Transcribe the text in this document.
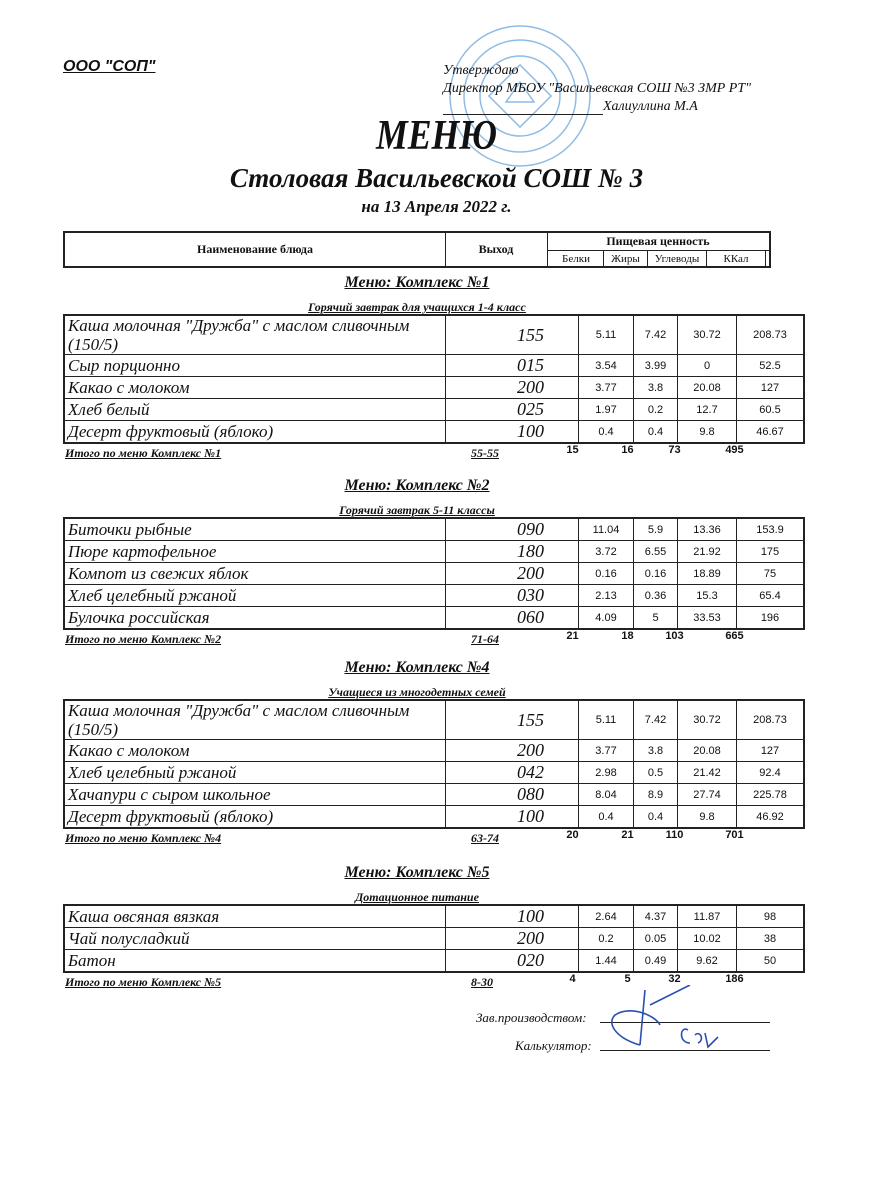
ООО "СОП"	Утверждаю
Директор МБОУ "Васильевская СОШ №3 ЗМР РТ"
Халиуллина М.А
МЕНЮ
Столовая Васильевской СОШ № 3
на 13 Апреля 2022 г.
Наименование блюда	Выход
Пищевая ценность
Белки	Жиры	Углеводы	ККал
Меню: Комплекс №1
Горячий завтрак для учащихся 1-4 класс
Каша молочная "Дружба" с маслом сливочным (150/5)	155	5.11	7.42	30.72	208.73
Сыр порционно	015	3.54	3.99	0	52.5
Какао с молоком	200	3.77	3.8	20.08	127
Хлеб белый	025	1.97	0.2	12.7	60.5
Десерт фруктовый (яблоко)	100	0.4	0.4	9.8	46.67
Итого по меню Комплекс №1	55-55	15	16	73	495
Меню: Комплекс №2
Горячий завтрак 5-11 классы
Биточки рыбные	090	11.04	5.9	13.36	153.9
Пюре картофельное	180	3.72	6.55	21.92	175
Компот из свежих яблок	200	0.16	0.16	18.89	75
Хлеб целебный ржаной	030	2.13	0.36	15.3	65.4
Булочка российская	060	4.09	5	33.53	196
Итого по меню Комплекс №2	71-64	21	18	103	665
Меню: Комплекс №4
Учащиеся из многодетных семей
Каша молочная "Дружба" с маслом сливочным (150/5)	155	5.11	7.42	30.72	208.73
Какао с молоком	200	3.77	3.8	20.08	127
Хлеб целебный ржаной	042	2.98	0.5	21.42	92.4
Хачапури с сыром школьное	080	8.04	8.9	27.74	225.78
Десерт фруктовый (яблоко)	100	0.4	0.4	9.8	46.92
Итого по меню Комплекс №4	63-74	20	21	110	701
Меню: Комплекс №5
Дотационное питание
Каша овсяная вязкая	100	2.64	4.37	11.87	98
Чай полусладкий	200	0.2	0.05	10.02	38
Батон	020	1.44	0.49	9.62	50
Итого по меню Комплекс №5	8-30	4	5	32	186
Зав.производством:
Калькулятор:
